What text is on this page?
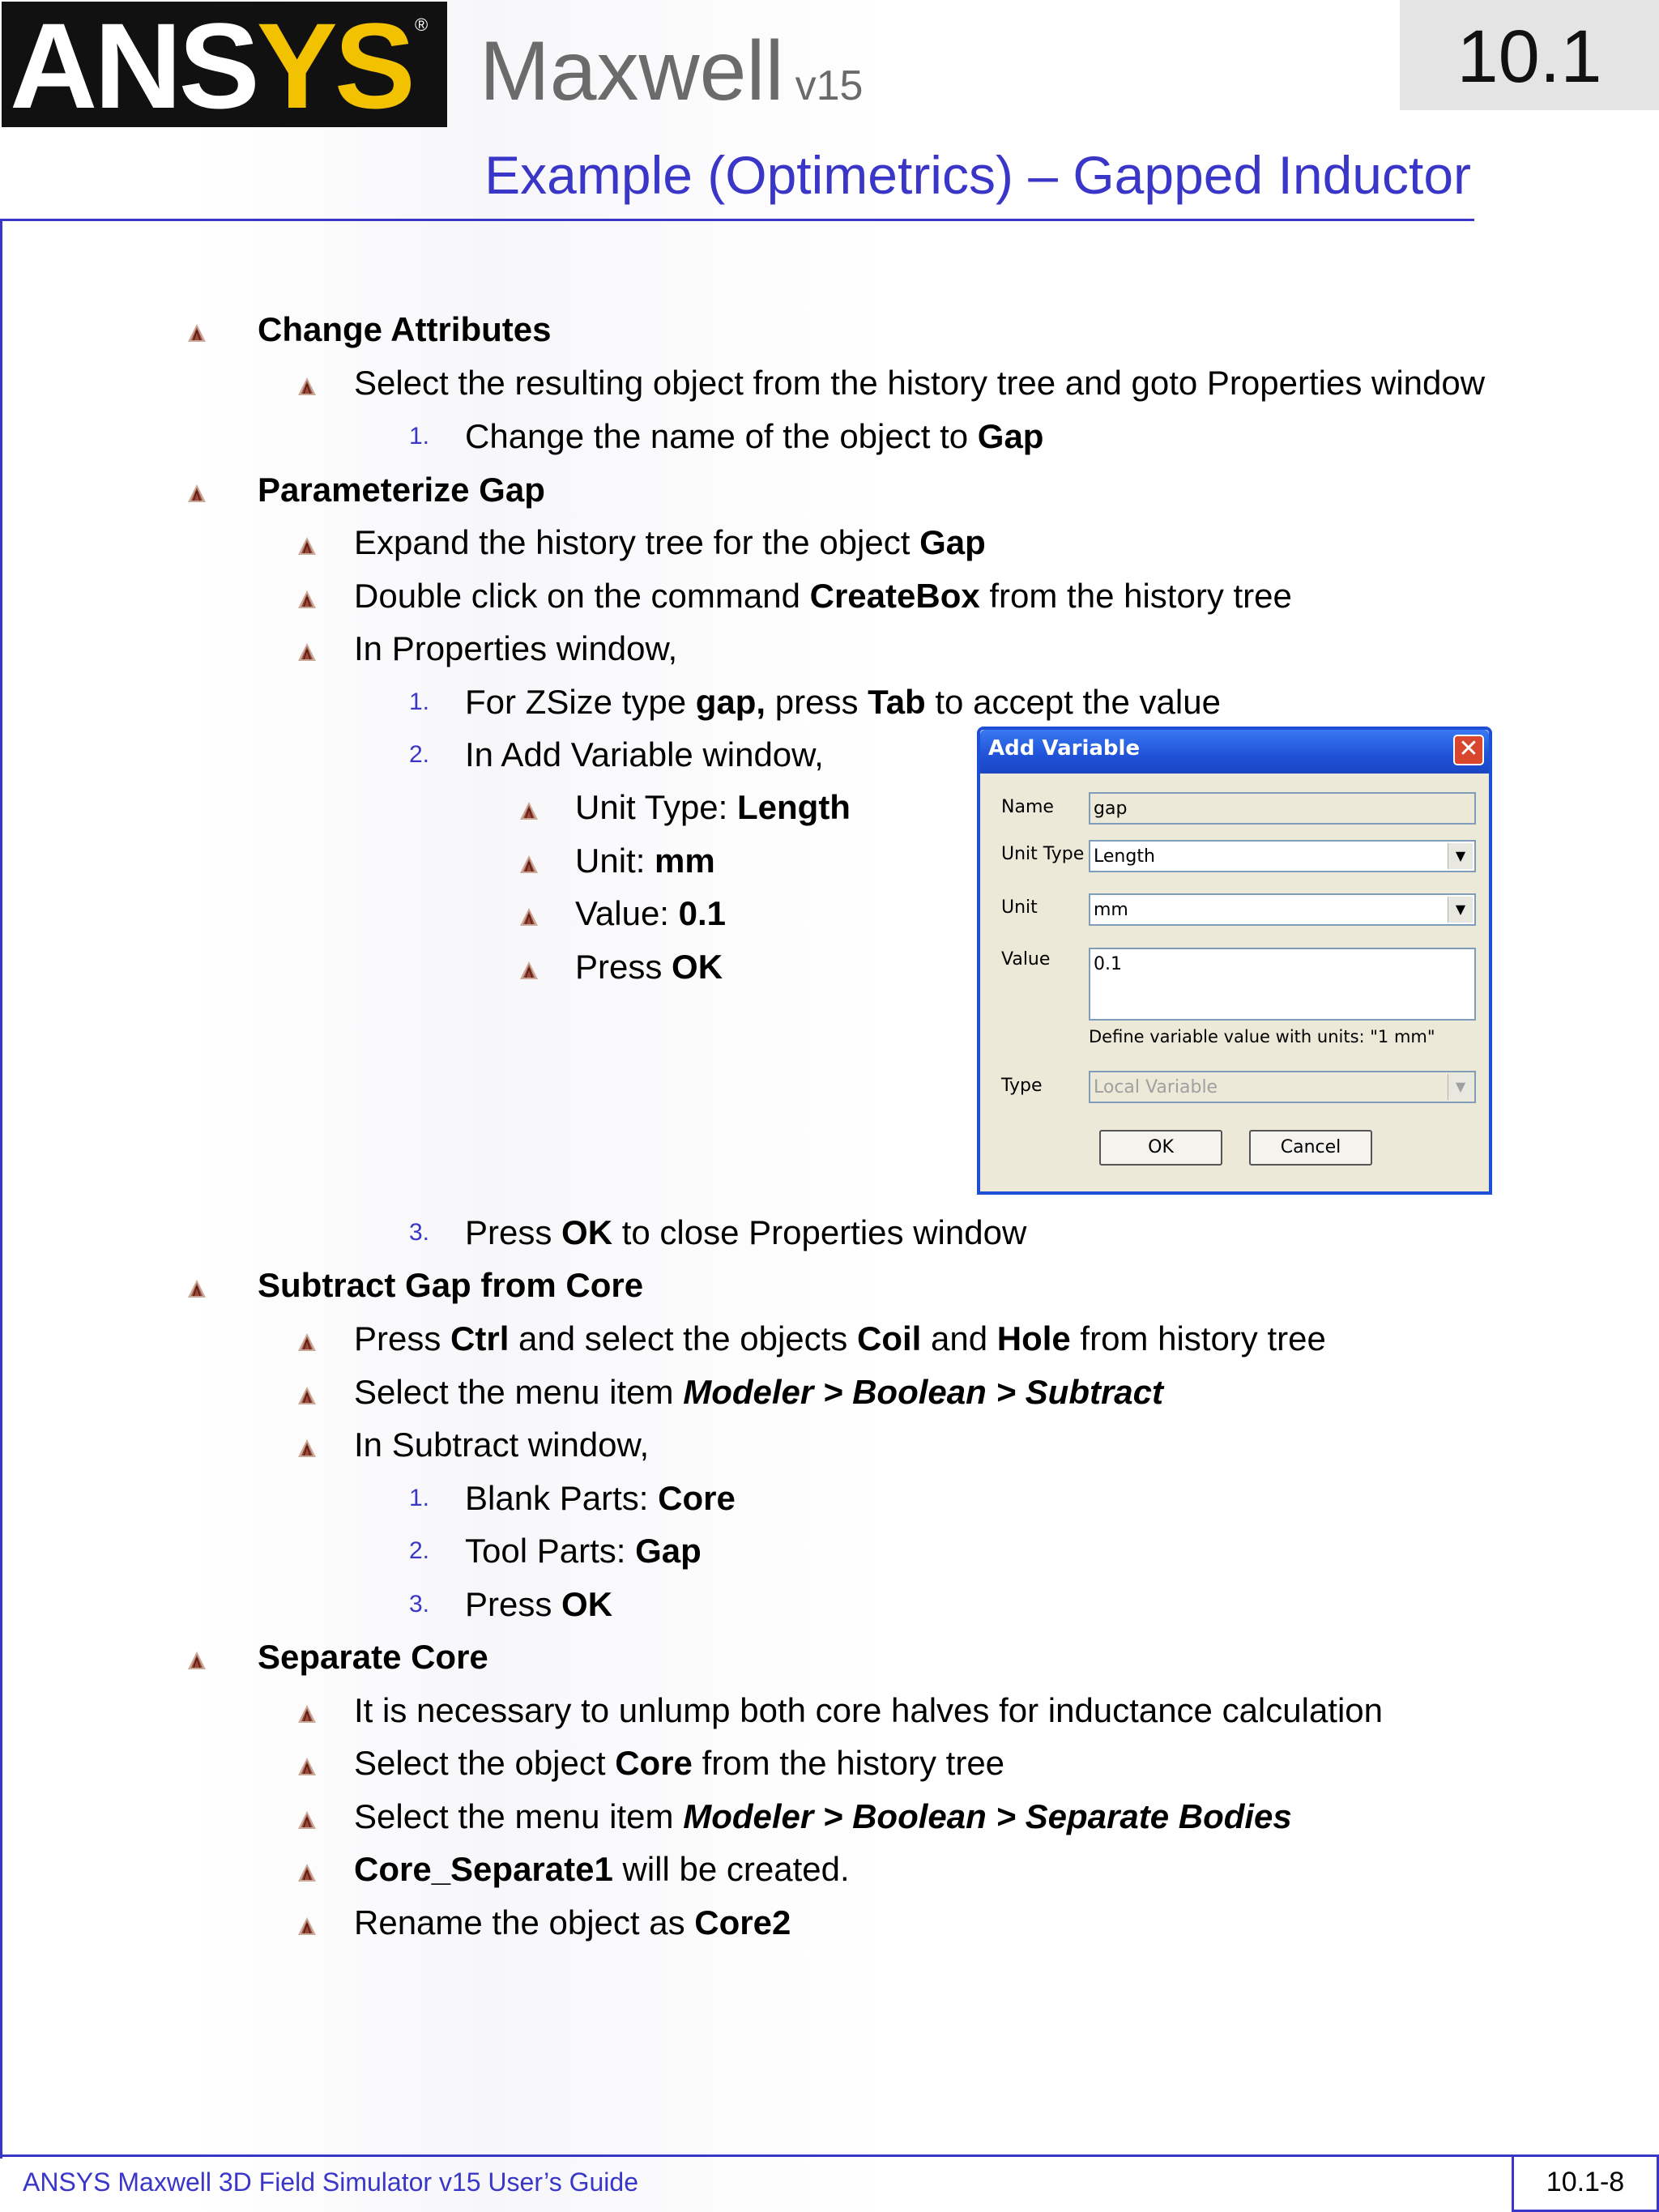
ANSYS ® Maxwell v15	10.1
Example (Optimetrics) – Gapped Inductor
Change Attributes
Select the resulting object from the history tree and goto Properties window
1. Change the name of the object to Gap
Parameterize Gap
Expand the history tree for the object Gap
Double click on the command CreateBox from the history tree
In Properties window,
1. For ZSize type gap, press Tab to accept the value
2. In Add Variable window,
Unit Type: Length
Unit: mm
Value: 0.1
Press OK
3. Press OK to close Properties window
Add Variable	✕
Name gap
Unit Type Length	▼
Unit	mm	▼
Value 0.1
Define variable value with units: "1 mm"
Type	Local Variable	▼
OK	Cancel
Subtract Gap from Core
Press Ctrl and select the objects Coil and Hole from history tree
Select the menu item Modeler > Boolean > Subtract
In Subtract window,
1. Blank Parts: Core
2. Tool Parts: Gap
3. Press OK
Separate Core
It is necessary to unlump both core halves for inductance calculation
Select the object Core from the history tree
Select the menu item Modeler > Boolean > Separate Bodies
Core_Separate1 will be created.
Rename the object as Core2
ANSYS Maxwell 3D Field Simulator v15 User’s Guide	10.1-8
